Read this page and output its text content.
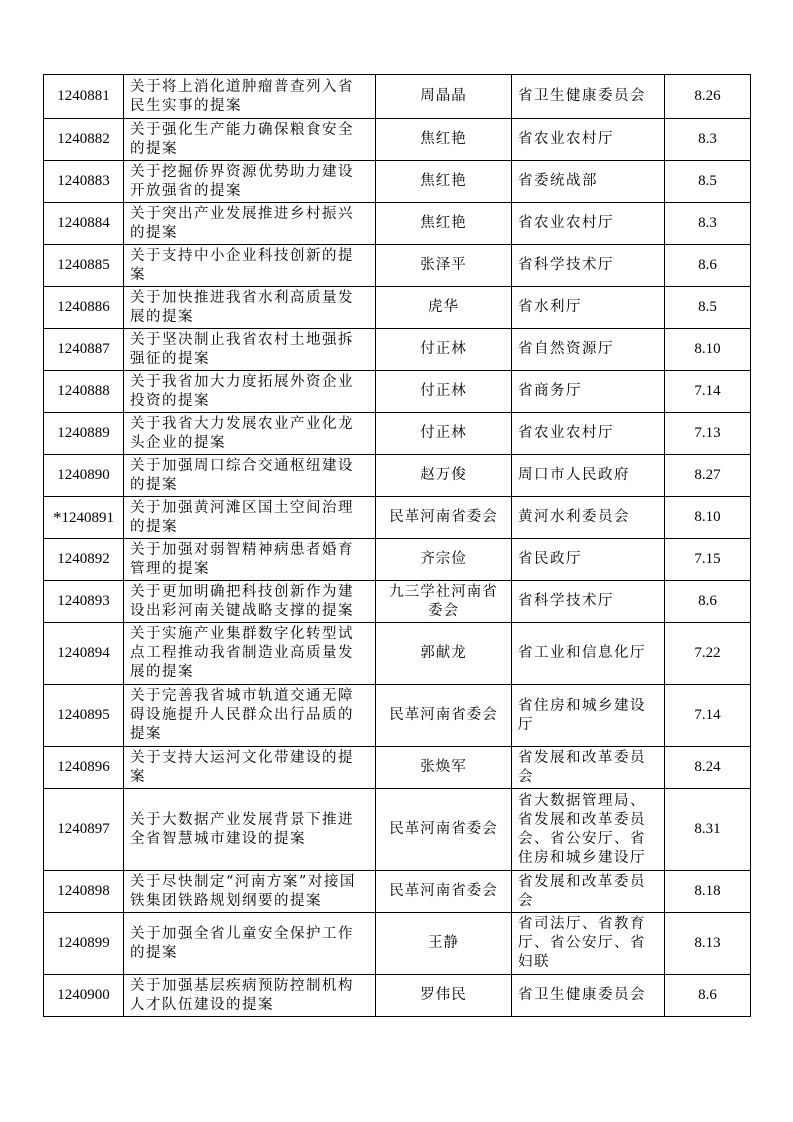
1240881	关于将上消化道肿瘤普查列入省民生实事的提案	周晶晶	省卫生健康委员会	8.26
1240882	关于强化生产能力确保粮食安全的提案	焦红艳	省农业农村厅	8.3
1240883	关于挖掘侨界资源优势助力建设开放强省的提案	焦红艳	省委统战部	8.5
1240884	关于突出产业发展推进乡村振兴的提案	焦红艳	省农业农村厅	8.3
1240885	关于支持中小企业科技创新的提案	张泽平	省科学技术厅	8.6
1240886	关于加快推进我省水利高质量发展的提案	虎华	省水利厅	8.5
1240887	关于坚决制止我省农村土地强拆强征的提案	付正林	省自然资源厅	8.10
1240888	关于我省加大力度拓展外资企业投资的提案	付正林	省商务厅	7.14
1240889	关于我省大力发展农业产业化龙头企业的提案	付正林	省农业农村厅	7.13
1240890	关于加强周口综合交通枢纽建设的提案	赵万俊	周口市人民政府	8.27
*1240891	关于加强黄河滩区国土空间治理的提案	民革河南省委会	黄河水利委员会	8.10
1240892	关于加强对弱智精神病患者婚育管理的提案	齐宗俭	省民政厅	7.15
1240893	关于更加明确把科技创新作为建设出彩河南关键战略支撑的提案	九三学社河南省委会	省科学技术厅	8.6
1240894	关于实施产业集群数字化转型试点工程推动我省制造业高质量发展的提案	郭献龙	省工业和信息化厅	7.22
1240895	关于完善我省城市轨道交通无障碍设施提升人民群众出行品质的提案	民革河南省委会	省住房和城乡建设厅	7.14
1240896	关于支持大运河文化带建设的提案	张焕军	省发展和改革委员会	8.24
1240897	关于大数据产业发展背景下推进全省智慧城市建设的提案	民革河南省委会	省大数据管理局、省发展和改革委员会、省公安厅、省住房和城乡建设厅	8.31
1240898	关于尽快制定“河南方案”对接国铁集团铁路规划纲要的提案	民革河南省委会	省发展和改革委员会	8.18
1240899	关于加强全省儿童安全保护工作的提案	王静	省司法厅、省教育厅、省公安厅、省妇联	8.13
1240900	关于加强基层疾病预防控制机构人才队伍建设的提案	罗伟民	省卫生健康委员会	8.6
